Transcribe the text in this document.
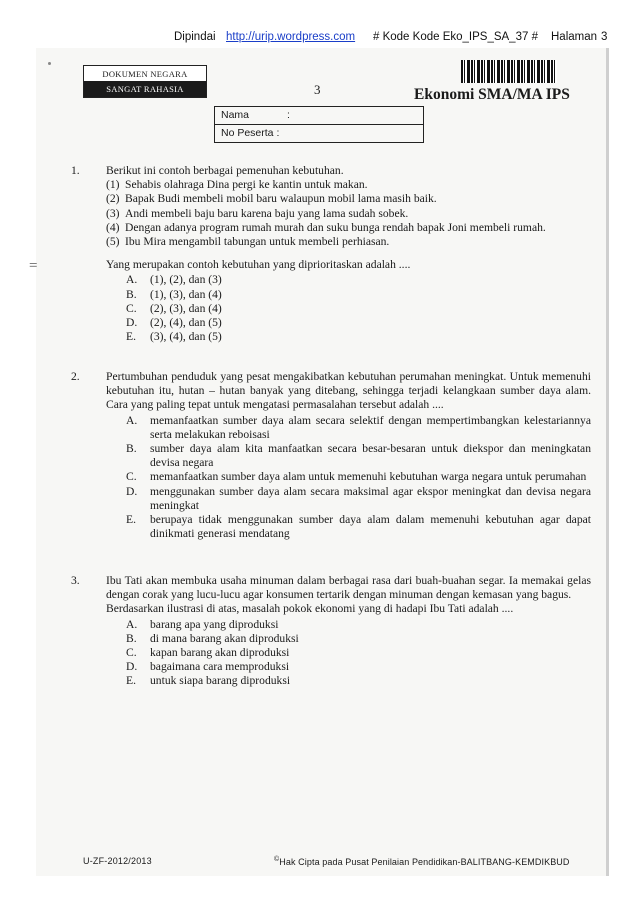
Dipindai http://urip.wordpress.com # Kode Kode Eko_IPS_SA_37 # Halaman 3
=
DOKUMEN NEGARA
SANGAT RAHASIA	3	Ekonomi SMA/MA IPS
Nama	:
No Peserta :
1. Berikut ini contoh berbagai pemenuhan kebutuhan.

(1) Sehabis olahraga Dina pergi ke kantin untuk makan.
(2) Bapak Budi membeli mobil baru walaupun mobil lama masih baik.
(3) Andi membeli baju baru karena baju yang lama sudah sobek.
(4) Dengan adanya program rumah murah dan suku bunga rendah bapak Joni membeli rumah.
(5) Ibu Mira mengambil tabungan untuk membeli perhiasan.

Yang merupakan contoh kebutuhan yang diprioritaskan adalah ....

A.	(1), (2), dan (3)
B.	(1), (3), dan (4)
C.	(2), (3), dan (4)
D.	(2), (4), dan (5)
E.	(3), (4), dan (5)
2. Pertumbuhan penduduk yang pesat mengakibatkan kebutuhan perumahan meningkat. Untuk memenuhi kebutuhan itu, hutan – hutan banyak yang ditebang, sehingga terjadi kelangkaan sumber daya alam. Cara yang paling tepat untuk mengatasi permasalahan tersebut adalah ....

A.	memanfaatkan sumber daya alam secara selektif dengan mempertimbangkan kelestariannya serta melakukan reboisasi
B.	sumber daya alam kita manfaatkan secara besar-besaran untuk diekspor dan meningkatan devisa negara
C.	memanfaatkan sumber daya alam untuk memenuhi kebutuhan warga negara untuk perumahan
D.	menggunakan sumber daya alam secara maksimal agar ekspor meningkat dan devisa negara meningkat
E.	berupaya tidak menggunakan sumber daya alam dalam memenuhi kebutuhan agar dapat dinikmati generasi mendatang
3. Ibu Tati akan membuka usaha minuman dalam berbagai rasa dari buah-buahan segar. Ia memakai gelas dengan corak yang lucu-lucu agar konsumen tertarik dengan minuman dengan kemasan yang bagus.

Berdasarkan ilustrasi di atas, masalah pokok ekonomi yang di hadapi Ibu Tati adalah ....

A.	barang apa yang diproduksi
B.	di mana barang akan diproduksi
C.	kapan barang akan diproduksi
D.	bagaimana cara memproduksi
E.	untuk siapa barang diproduksi
U-ZF-2012/2013	©Hak Cipta pada Pusat Penilaian Pendidikan-BALITBANG-KEMDIKBUD
